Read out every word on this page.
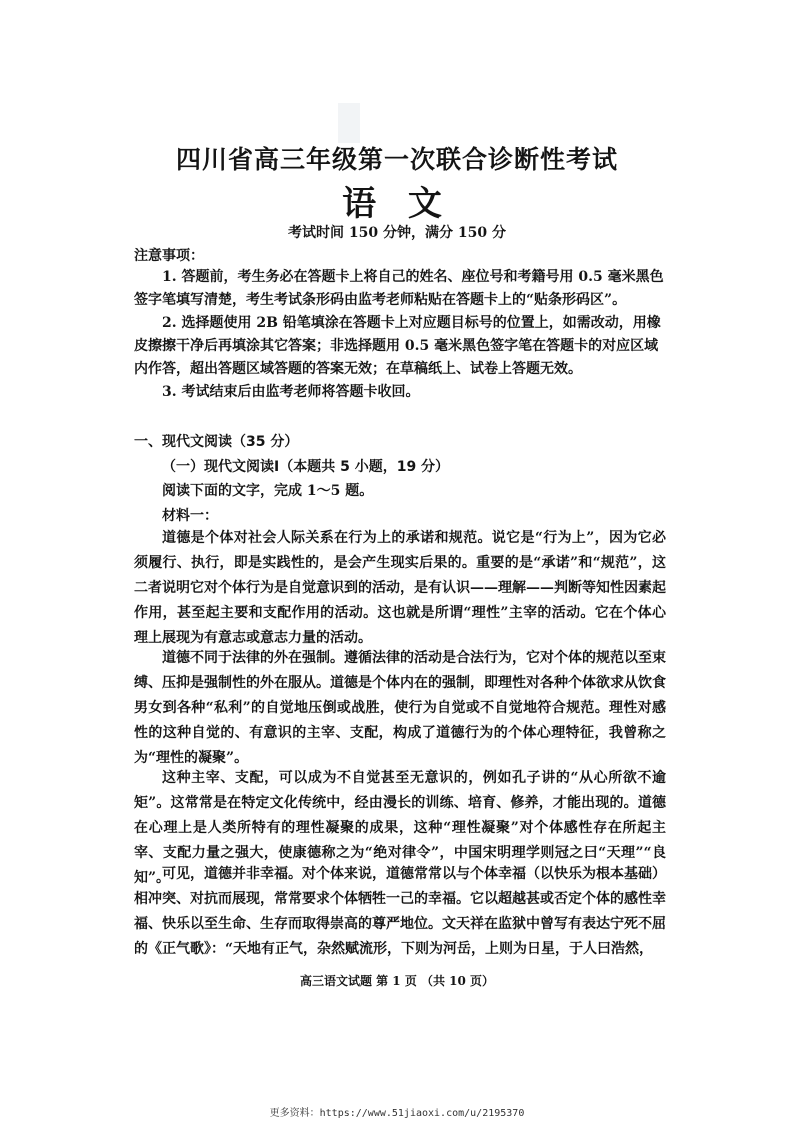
四川省高三年级第一次联合诊断性考试
语 文
考试时间 150 分钟，满分 150 分
注意事项：
1. 答题前，考生务必在答题卡上将自己的姓名、座位号和考籍号用 0.5 毫米黑色签字笔填写清楚，考生考试条形码由监考老师粘贴在答题卡上的“贴条形码区”。
2. 选择题使用 2B 铅笔填涂在答题卡上对应题目标号的位置上，如需改动，用橡皮擦擦干净后再填涂其它答案；非选择题用 0.5 毫米黑色签字笔在答题卡的对应区域内作答，超出答题区域答题的答案无效；在草稿纸上、试卷上答题无效。
3. 考试结束后由监考老师将答题卡收回。
一、现代文阅读（35 分）
（一）现代文阅读Ⅰ（本题共 5 小题，19 分）
阅读下面的文字，完成 1～5 题。
材料一：
道德是个体对社会人际关系在行为上的承诺和规范。说它是“行为上”，因为它必须履行、执行，即是实践性的，是会产生现实后果的。重要的是“承诺”和“规范”，这二者说明它对个体行为是自觉意识到的活动，是有认识——理解——判断等知性因素起作用，甚至起主要和支配作用的活动。这也就是所谓“理性”主宰的活动。它在个体心理上展现为有意志或意志力量的活动。
道德不同于法律的外在强制。遵循法律的活动是合法行为，它对个体的规范以至束缚、压抑是强制性的外在服从。道德是个体内在的强制，即理性对各种个体欲求从饮食男女到各种“私利”的自觉地压倒或战胜，使行为自觉或不自觉地符合规范。理性对感性的这种自觉的、有意识的主宰、支配，构成了道德行为的个体心理特征，我曾称之为“理性的凝聚”。
这种主宰、支配，可以成为不自觉甚至无意识的，例如孔子讲的“从心所欲不逾矩”。这常常是在特定文化传统中，经由漫长的训练、培育、修养，才能出现的。道德在心理上是人类所特有的理性凝聚的成果，这种“理性凝聚”对个体感性存在所起主宰、支配力量之强大，使康德称之为“绝对律令”，中国宋明理学则冠之曰“天理”“良知”。
可见，道德并非幸福。对个体来说，道德常常以与个体幸福（以快乐为根本基础）相冲突、对抗而展现，常常要求个体牺牲一己的幸福。它以超越甚或否定个体的感性幸福、快乐以至生命、生存而取得崇高的尊严地位。文天祥在监狱中曾写有表达宁死不屈的《正气歌》：“天地有正气，杂然赋流形，下则为河岳，上则为日星，于人曰浩然，
高三语文试题 第 1 页 （共 10 页）
更多资料：https://www.51jiaoxi.com/u/2195370
